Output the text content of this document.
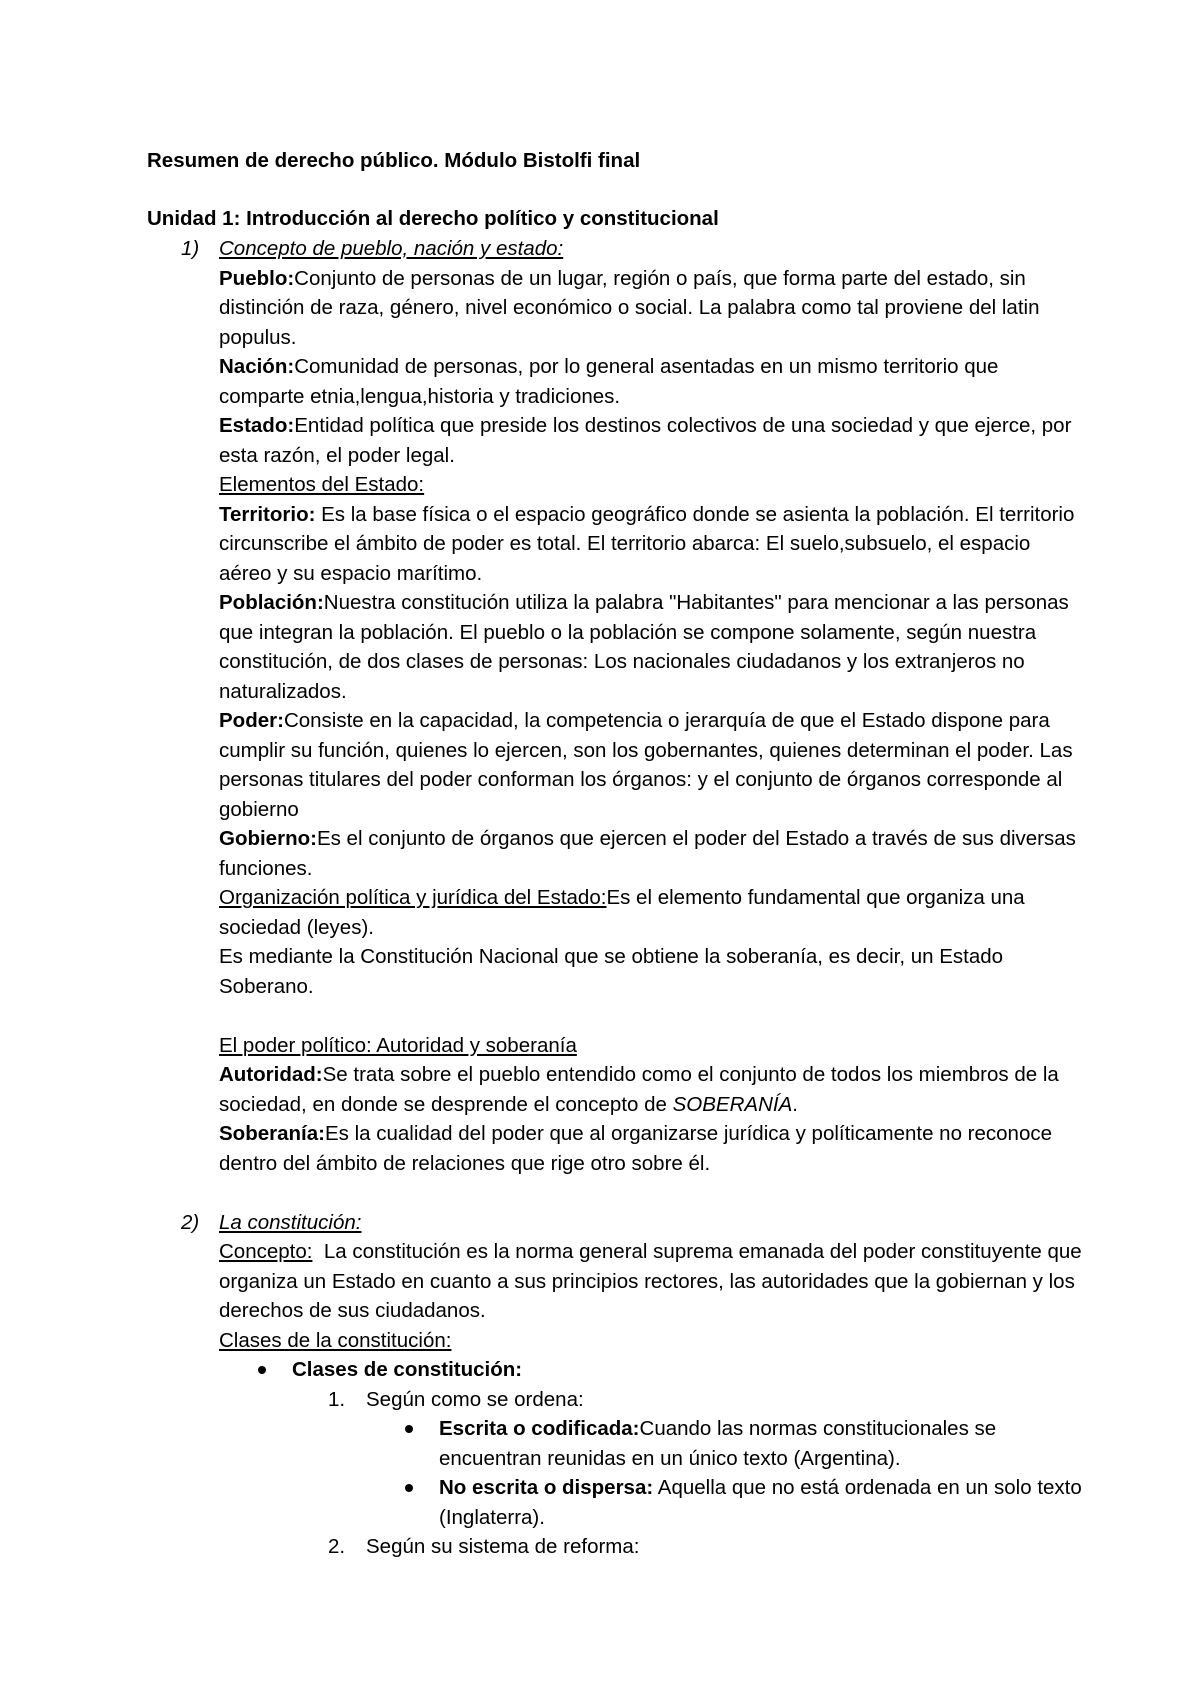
Resumen de derecho público. Módulo Bistolfi final

Unidad 1: Introducción al derecho político y constitucional

1) Concepto de pueblo, nación y estado:

Pueblo:Conjunto de personas de un lugar, región o país, que forma parte del estado, sin distinción de raza, género, nivel económico o social. La palabra como tal proviene del latin populus.

Nación:Comunidad de personas, por lo general asentadas en un mismo territorio que comparte etnia,lengua,historia y tradiciones.

Estado:Entidad política que preside los destinos colectivos de una sociedad y que ejerce, por esta razón, el poder legal.

Elementos del Estado:

Territorio: Es la base física o el espacio geográfico donde se asienta la población. El territorio circunscribe el ámbito de poder es total. El territorio abarca: El suelo,subsuelo, el espacio aéreo y su espacio marítimo.

Población:Nuestra constitución utiliza la palabra "Habitantes" para mencionar a las personas que integran la población. El pueblo o la población se compone solamente, según nuestra constitución, de dos clases de personas: Los nacionales ciudadanos y los extranjeros no naturalizados.

Poder:Consiste en la capacidad, la competencia o jerarquía de que el Estado dispone para cumplir su función, quienes lo ejercen, son los gobernantes, quienes determinan el poder. Las personas titulares del poder conforman los órganos: y el conjunto de órganos corresponde al gobierno

Gobierno:Es el conjunto de órganos que ejercen el poder del Estado a través de sus diversas funciones.

Organización política y jurídica del Estado:Es el elemento fundamental que organiza una sociedad (leyes).

Es mediante la Constitución Nacional que se obtiene la soberanía, es decir, un Estado Soberano.

El poder político: Autoridad y soberanía

Autoridad:Se trata sobre el pueblo entendido como el conjunto de todos los miembros de la sociedad, en donde se desprende el concepto de SOBERANÍA.

Soberanía:Es la cualidad del poder que al organizarse jurídica y políticamente no reconoce dentro del ámbito de relaciones que rige otro sobre él.

2) La constitución:

Concepto:  La constitución es la norma general suprema emanada del poder constituyente que organiza un Estado en cuanto a sus principios rectores, las autoridades que la gobiernan y los derechos de sus ciudadanos.

Clases de la constitución:

Clases de constitución:
1. Según como se ordena:
Escrita o codificada:Cuando las normas constitucionales se encuentran reunidas en un único texto (Argentina).
No escrita o dispersa: Aquella que no está ordenada en un solo texto (Inglaterra).
2. Según su sistema de reforma:
